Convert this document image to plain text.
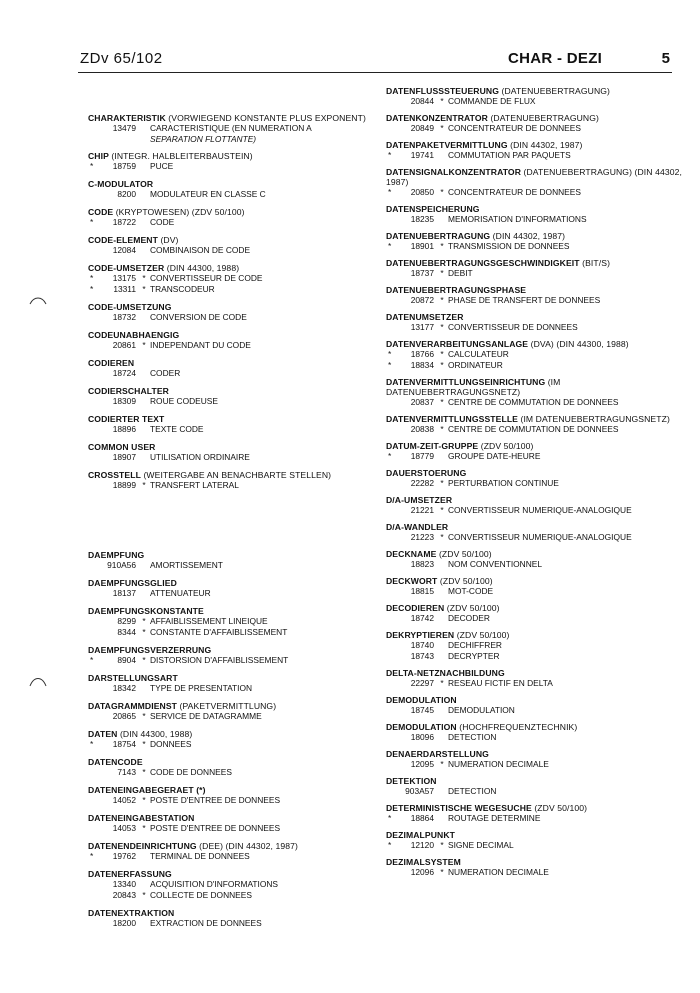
ZDv 65/102	CHAR - DEZI	5
CHARAKTERISTIK (VORWIEGEND KONSTANTE PLUS EXPONENT)
13479 CARACTERISTIQUE (EN NUMERATION A
SEPARATION FLOTTANTE)
CHIP (INTEGR. HALBLEITERBAUSTEIN)
*	18759 PUCE
C-MODULATOR
8200 MODULATEUR EN CLASSE C
CODE (KRYPTOWESEN) (ZDV 50/100)
*	18722 CODE
CODE-ELEMENT (DV)
12084 COMBINAISON DE CODE
CODE-UMSETZER (DIN 44300, 1988)
*	13175 * CONVERTISSEUR DE CODE
*	13311 * TRANSCODEUR
CODE-UMSETZUNG
18732 CONVERSION DE CODE
CODEUNABHAENGIG
20861 * INDEPENDANT DU CODE
CODIEREN
18724 CODER
CODIERSCHALTER
18309 ROUE CODEUSE
CODIERTER TEXT
18896 TEXTE CODE
COMMON USER
18907 UTILISATION ORDINAIRE
CROSSTELL (WEITERGABE AN BENACHBARTE STELLEN)
18899 * TRANSFERT LATERAL
DAEMPFUNG
910A56 AMORTISSEMENT
DAEMPFUNGSGLIED
18137 ATTENUATEUR
DAEMPFUNGSKONSTANTE
8299 * AFFAIBLISSEMENT LINEIQUE
8344 * CONSTANTE D'AFFAIBLISSEMENT
DAEMPFUNGSVERZERRUNG
*	8904 * DISTORSION D'AFFAIBLISSEMENT
DARSTELLUNGSART
18342 TYPE DE PRESENTATION
DATAGRAMMDIENST (PAKETVERMITTLUNG)
20865 * SERVICE DE DATAGRAMME
DATEN (DIN 44300, 1988)
*	18754 * DONNEES
DATENCODE
7143 * CODE DE DONNEES
DATENEINGABEGERAET (*)
14052 * POSTE D'ENTREE DE DONNEES
DATENEINGABESTATION
14053 * POSTE D'ENTREE DE DONNEES
DATENENDEINRICHTUNG (DEE) (DIN 44302, 1987)
*	19762 TERMINAL DE DONNEES
DATENERFASSUNG
13340 ACQUISITION D'INFORMATIONS
20843 * COLLECTE DE DONNEES
DATENEXTRAKTION
18200 EXTRACTION DE DONNEES
DATENFLUSSSTEUERUNG (DATENUEBERTRAGUNG)
20844 * COMMANDE DE FLUX
DATENKONZENTRATOR (DATENUEBERTRAGUNG)
20849 * CONCENTRATEUR DE DONNEES
DATENPAKETVERMITTLUNG (DIN 44302, 1987)
*	19741 COMMUTATION PAR PAQUETS
DATENSIGNALKONZENTRATOR (DATENUEBERTRAGUNG) (DIN 44302, 1987)
*	20850 * CONCENTRATEUR DE DONNEES
DATENSPEICHERUNG
18235 MEMORISATION D'INFORMATIONS
DATENUEBERTRAGUNG (DIN 44302, 1987)
*	18901 * TRANSMISSION DE DONNEES
DATENUEBERTRAGUNGSGESCHWINDIGKEIT (BIT/S)
18737 * DEBIT
DATENUEBERTRAGUNGSPHASE
20872 * PHASE DE TRANSFERT DE DONNEES
DATENUMSETZER
13177 * CONVERTISSEUR DE DONNEES
DATENVERARBEITUNGSANLAGE (DVA) (DIN 44300, 1988)
*	18766 * CALCULATEUR
*	18834 * ORDINATEUR
DATENVERMITTLUNGSEINRICHTUNG (IM DATENUEBERTRAGUNGSNETZ)
20837 * CENTRE DE COMMUTATION DE DONNEES
DATENVERMITTLUNGSSTELLE (IM DATENUEBERTRAGUNGSNETZ)
20838 * CENTRE DE COMMUTATION DE DONNEES
DATUM-ZEIT-GRUPPE (ZDV 50/100)
*	18779 GROUPE DATE-HEURE
DAUERSTOERUNG
22282 * PERTURBATION CONTINUE
D/A-UMSETZER
21221 * CONVERTISSEUR NUMERIQUE-ANALOGIQUE
D/A-WANDLER
21223 * CONVERTISSEUR NUMERIQUE-ANALOGIQUE
DECKNAME (ZDV 50/100)
18823 NOM CONVENTIONNEL
DECKWORT (ZDV 50/100)
18815 MOT-CODE
DECODIEREN (ZDV 50/100)
18742 DECODER
DEKRYPTIEREN (ZDV 50/100)
18740 DECHIFFRER
18743 DECRYPTER
DELTA-NETZNACHBILDUNG
22297 * RESEAU FICTIF EN DELTA
DEMODULATION
18745 DEMODULATION
DEMODULATION (HOCHFREQUENZTECHNIK)
18096 DETECTION
DENAERDARSTELLUNG
12095 * NUMERATION DECIMALE
DETEKTION
903A57 DETECTION
DETERMINISTISCHE WEGESUCHE (ZDV 50/100)
*	18864 ROUTAGE DETERMINE
DEZIMALPUNKT
*	12120 * SIGNE DECIMAL
DEZIMALSYSTEM
12096 * NUMERATION DECIMALE
